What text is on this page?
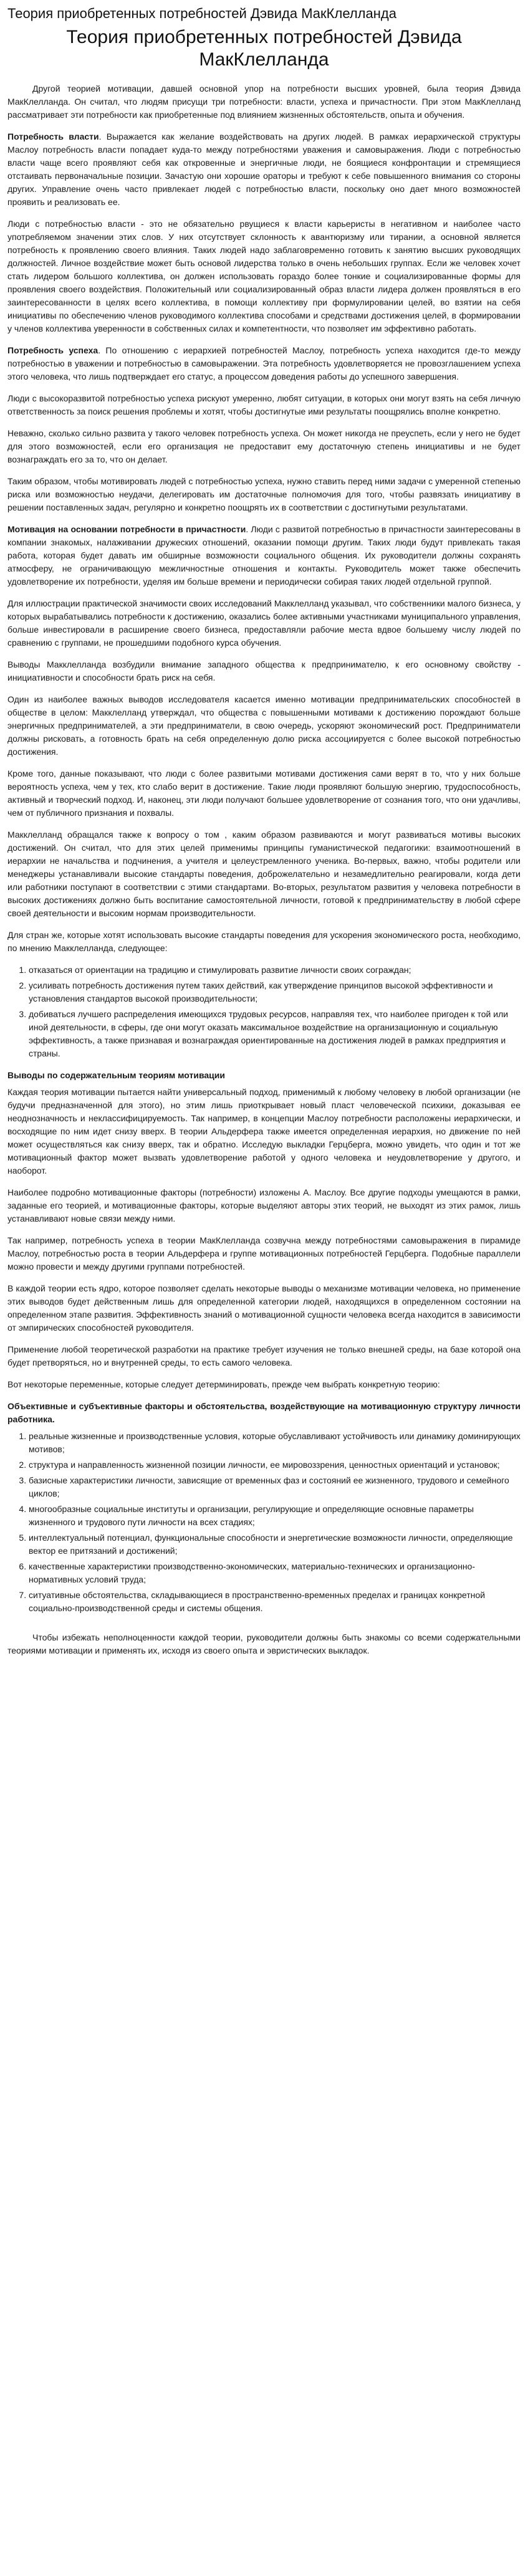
Теория приобретенных потребностей Дэвида МакКлелланда
Теория приобретенных потребностей Дэвида МакКлелланда

Другой теорией мотивации, давшей основной упор на потребности высших уровней, была теория Дэвида МакКлелланда. Он считал, что людям присущи три потребности: власти, успеха и причастности. При этом МакКлелланд рассматривает эти потребности как приобретенные под влиянием жизненных обстоятельств, опыта и обучения.

Потребность власти. Выражается как желание воздействовать на других людей. В рамках иерархической структуры Маслоу потребность власти попадает куда-то между потребностями уважения и самовыражения. Люди с потребностью власти чаще всего проявляют себя как откровенные и энергичные люди, не боящиеся конфронтации и стремящиеся отстаивать первоначальные позиции. Зачастую они хорошие ораторы и требуют к себе повышенного внимания со стороны других. Управление очень часто привлекает людей с потребностью власти, поскольку оно дает много возможностей проявить и реализовать ее.

Люди с потребностью власти - это не обязательно рвущиеся к власти карьеристы в негативном и наиболее часто употребляемом значении этих слов. У них отсутствует склонность к авантюризму или тирании, а основной является потребность к проявлению своего влияния. Таких людей надо заблаговременно готовить к занятию высших руководящих должностей. Личное воздействие может быть основой лидерства только в очень небольших группах. Если же человек хочет стать лидером большого коллектива, он должен использовать гораздо более тонкие и социализированные формы для проявления своего воздействия. Положительный или социализированный образ власти лидера должен проявляться в его заинтересованности в целях всего коллектива, в помощи коллективу при формулировании целей, во взятии на себя инициативы по обеспечению членов руководимого коллектива способами и средствами достижения целей, в формировании у членов коллектива уверенности в собственных силах и компетентности, что позволяет им эффективно работать.

Потребность успеха. По отношению с иерархией потребностей Маслоу, потребность успеха находится где-то между потребностью в уважении и потребностью в самовыражении. Эта потребность удовлетворяется не провозглашением успеха этого человека, что лишь подтверждает его статус, а процессом доведения работы до успешного завершения.

Люди с высокоразвитой потребностью успеха рискуют умеренно, любят ситуации, в которых они могут взять на себя личную ответственность за поиск решения проблемы и хотят, чтобы достигнутые ими результаты поощрялись вполне конкретно.

Неважно, сколько сильно развита у такого человек потребность успеха. Он может никогда не преуспеть, если у него не будет для этого возможностей, если его организация не предоставит ему достаточную степень инициативы и не будет вознаграждать его за то, что он делает.

Таким образом, чтобы мотивировать людей с потребностью успеха, нужно ставить перед ними задачи с умеренной степенью риска или возможностью неудачи, делегировать им достаточные полномочия для того, чтобы развязать инициативу в решении поставленных задач, регулярно и конкретно поощрять их в соответствии с достигнутыми результатами.

Мотивация на основании потребности в причастности. Люди с развитой потребностью в причастности заинтересованы в компании знакомых, налаживании дружеских отношений, оказании помощи другим. Таких люди будут привлекать такая работа, которая будет давать им обширные возможности социального общения. Их руководители должны сохранять атмосферу, не ограничивающую межличностные отношения и контакты. Руководитель может также обеспечить удовлетворение их потребности, уделяя им больше времени и периодически собирая таких людей отдельной группой.

Для иллюстрации практической значимости своих исследований Макклелланд указывал, что собственники малого бизнеса, у которых вырабатывались потребности к достижению, оказались более активными участниками муниципального управления, больше инвестировали в расширение своего бизнеса, предоставляли рабочие места вдвое большему числу людей по сравнению с группами, не прошедшими подобного курса обучения.

Выводы Макклелланда возбудили внимание западного общества к предпринимателю, к его основному свойству - инициативности и способности брать риск на себя.

Один из наиболее важных выводов исследователя касается именно мотивации предпринимательских способностей в обществе в целом: Макклелланд утверждал, что общества с повышенными мотивами к достижению порождают больше энергичных предпринимателей, а эти предприниматели, в свою очередь, ускоряют экономический рост. Предприниматели должны рисковать, а готовность брать на себя определенную долю риска ассоциируется с более высокой потребностью достижения.

Кроме того, данные показывают, что люди с более развитыми мотивами достижения сами верят в то, что у них больше вероятность успеха, чем у тех, кто слабо верит в достижение. Такие люди проявляют большую энергию, трудоспособность, активный и творческий подход. И, наконец, эти люди получают большее удовлетворение от сознания того, что они удачливы, чем от публичного признания и похвалы.

Макклелланд обращался также к вопросу о том , каким образом развиваются и могут развиваться мотивы высоких достижений. Он считал, что для этих целей применимы принципы гуманистической педагогики: взаимоотношений в иерархии не начальства и подчинения, а учителя и целеустремленного ученика. Во-первых, важно, чтобы родители или менеджеры устанавливали высокие стандарты поведения, доброжелательно и незамедлительно реагировали, когда дети или работники поступают в соответствии с этими стандартами. Во-вторых, результатом развития у человека потребности в высоких достижениях должно быть воспитание самостоятельной личности, готовой к предпринимательству в любой сфере своей деятельности и высоким нормам производительности.

Для стран же, которые хотят использовать высокие стандарты поведения для ускорения экономического роста, необходимо, по мнению Макклелланда, следующее:

1. отказаться от ориентации на традицию и стимулировать развитие личности своих сограждан;
2. усиливать потребность достижения путем таких действий, как утверждение принципов высокой эффективности и установления стандартов высокой производительности;
3. добиваться лучшего распределения имеющихся трудовых ресурсов, направляя тех, что наиболее пригоден к той или иной деятельности, в сферы, где они могут оказать максимальное воздействие на организационную и социальную эффективность, а также признавая и вознаграждая ориентированные на достижения людей в рамках предприятия и страны.

Выводы по содержательным теориям мотивации

Каждая теория мотивации пытается найти универсальный подход, применимый к любому человеку в любой организации (не будучи предназначенной для этого), но этим лишь приоткрывает новый пласт человеческой психики, доказывая ее неоднозначность и неклассифицируемость. Так например, в концепции Маслоу потребности расположены иерархически, и восходящие по ним идет снизу вверх. В теории Альдерфера также имеется определенная иерархия, но движение по ней может осуществляться как снизу вверх, так и обратно. Исследую выкладки Герцберга, можно увидеть, что один и тот же мотивационный фактор может вызвать удовлетворение работой у одного человека и неудовлетворение у другого, и наоборот.

Наиболее подробно мотивационные факторы (потребности) изложены А. Маслоу. Все другие подходы умещаются в рамки, заданные его теорией, и мотивационные факторы, которые выделяют авторы этих теорий, не выходят из этих рамок, лишь устанавливают новые связи между ними.

Так например, потребность успеха в теории МакКлелланда созвучна между потребностями самовыражения в пирамиде Маслоу, потребностью роста в теории Альдерфера и группе мотивационных потребностей Герцберга. Подобные параллели можно провести и между другими группами потребностей.

В каждой теории есть ядро, которое позволяет сделать некоторые выводы о механизме мотивации человека, но применение этих выводов будет действенным лишь для определенной категории людей, находящихся в определенном состоянии на определенном этапе развития. Эффективность знаний о мотивационной сущности человека всегда находится в зависимости от эмпирических способностей руководителя.

Применение любой теоретической разработки на практике требует изучения не только внешней среды, на базе которой она будет претворяться, но и внутренней среды, то есть самого человека.

Вот некоторые переменные, которые следует детерминировать, прежде чем выбрать конкретную теорию:

Объективные и субъективные факторы и обстоятельства, воздействующие на мотивационную структуру личности работника.

1. реальные жизненные и производственные условия, которые обуславливают устойчивость или динамику доминирующих мотивов;
2. структура и направленность жизненной позиции личности, ее мировоззрения, ценностных ориентаций и установок;
3. базисные характеристики личности, зависящие от временных фаз и состояний ее жизненного, трудового и семейного циклов;
4. многообразные социальные институты и организации, регулирующие и определяющие основные параметры жизненного и трудового пути личности на всех стадиях;
5. интеллектуальный потенциал, функциональные способности и энергетические возможности личности, определяющие вектор ее притязаний и достижений;
6. качественные характеристики производственно-экономических, материально-технических и организационно-нормативных условий труда;
7. ситуативные обстоятельства, складывающиеся в пространственно-временных пределах и границах конкретной социально-производственной среды и системы общения.

Чтобы избежать неполноценности каждой теории, руководители должны быть знакомы со всеми содержательными теориями мотивации и применять их, исходя из своего опыта и эвристических выкладок.
